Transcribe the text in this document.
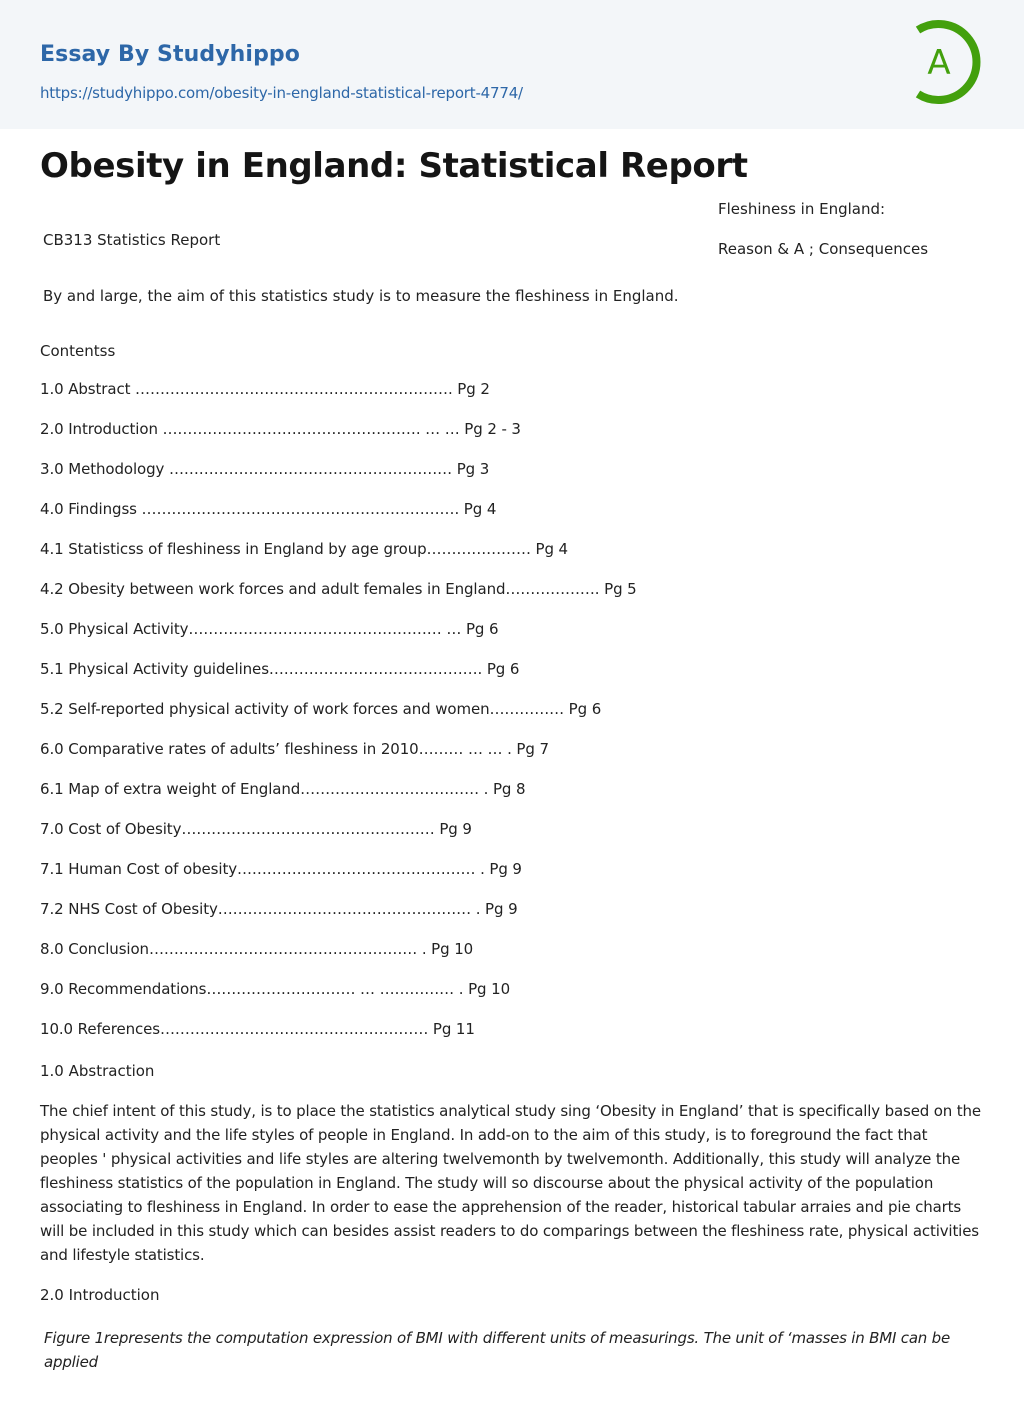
Essay By Studyhippo
https://studyhippo.com/obesity-in-england-statistical-report-4774/
A
Obesity in England: Statistical Report
Fleshiness in England:
Reason & A ; Consequences
CB313 Statistics Report
By and large, the aim of this statistics study is to measure the fleshiness in England.
Contentss
1.0 Abstract ………………………………………………………. Pg 2
2.0 Introduction ……………………………………………. … … Pg 2 - 3
3.0 Methodology ………………………………………………… Pg 3
4.0 Findingss ………………………………………………………. Pg 4
4.1 Statisticss of fleshiness in England by age group………………… Pg 4
4.2 Obesity between work forces and adult females in England………………. Pg 5
5.0 Physical Activity…………………………………………… … Pg 6
5.1 Physical Activity guidelines……………………………………. Pg 6
5.2 Self-reported physical activity of work forces and women…………… Pg 6
6.0 Comparative rates of adults’ fleshiness in 2010……… … … . Pg 7
6.1 Map of extra weight of England……………………………… . Pg 8
7.0 Cost of Obesity…………………………………………… Pg 9
7.1 Human Cost of obesity………………………………………… . Pg 9
7.2 NHS Cost of Obesity…………………………………………… . Pg 9
8.0 Conclusion……………………………………………… . Pg 10
9.0 Recommendations………………………… … …………… . Pg 10
10.0 References……………………………………………… Pg 11
1.0 Abstraction
The chief intent of this study, is to place the statistics analytical study sing ‘Obesity in England’ that is specifically based on the physical activity and the life styles of people in England. In add-on to the aim of this study, is to foreground the fact that peoples ' physical activities and life styles are altering twelvemonth by twelvemonth. Additionally, this study will analyze the fleshiness statistics of the population in England. The study will so discourse about the physical activity of the population associating to fleshiness in England. In order to ease the apprehension of the reader, historical tabular arraies and pie charts will be included in this study which can besides assist readers to do comparings between the fleshiness rate, physical activities and lifestyle statistics.
2.0 Introduction
Figure 1represents the computation expression of BMI with different units of measurings. The unit of ‘masses in BMI can be applied
